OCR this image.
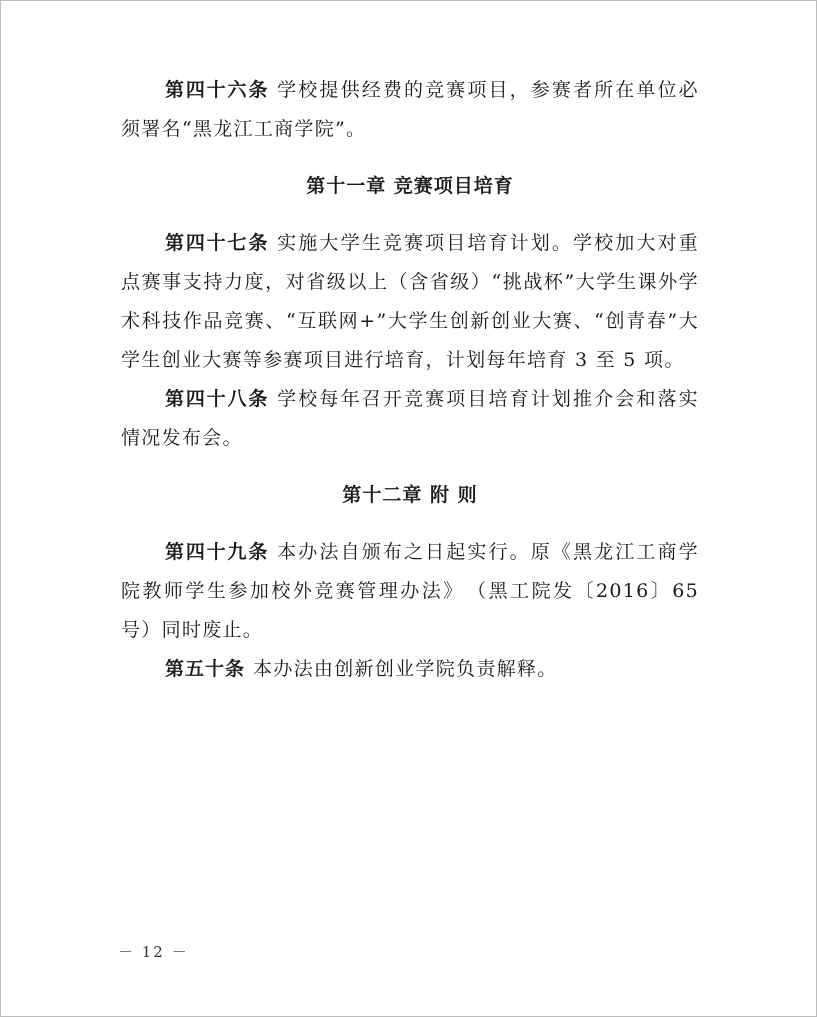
第四十六条 学校提供经费的竞赛项目，参赛者所在单位必须署名“黑龙江工商学院”。

第十一章 竞赛项目培育

第四十七条 实施大学生竞赛项目培育计划。学校加大对重点赛事支持力度，对省级以上（含省级）“挑战杯”大学生课外学术科技作品竞赛、“互联网+”大学生创新创业大赛、“创青春”大学生创业大赛等参赛项目进行培育，计划每年培育 3 至 5 项。

第四十八条 学校每年召开竞赛项目培育计划推介会和落实情况发布会。

第十二章 附 则

第四十九条 本办法自颁布之日起实行。原《黑龙江工商学院教师学生参加校外竞赛管理办法》　（黑工院发〔2016〕65 号）同时废止。

第五十条 本办法由创新创业学院负责解释。

－ 12 －
